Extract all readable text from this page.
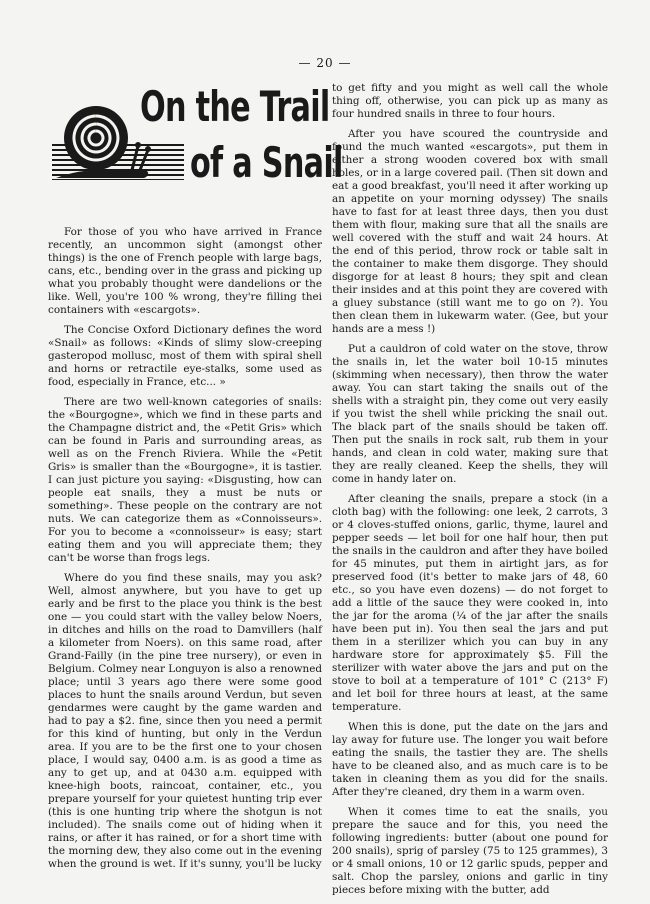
— 20 —
On the Trail
of a Snail

For those of you who have arrived in France recently, an uncommon sight (amongst other things) is the one of French people with large bags, cans, etc., bending over in the grass and picking up what you probably thought were dandelions or the like. Well, you're 100 % wrong, they're filling thei containers with «escargots».

The Concise Oxford Dictionary defines the word «Snail» as follows: «Kinds of slimy slow-creeping gasteropod mollusc, most of them with spiral shell and horns or retractile eye-stalks, some used as food, especially in France, etc... »

There are two well-known categories of snails: the «Bourgogne», which we find in these parts and the Champagne district and, the «Petit Gris» which can be found in Paris and surrounding areas, as well as on the French Riviera. While the «Petit Gris» is smaller than the «Bourgogne», it is tastier. I can just picture you saying: «Disgusting, how can people eat snails, they a must be nuts or something». These people on the contrary are not nuts. We can categorize them as «Connoisseurs». For you to become a «connoisseur» is easy; start eating them and you will appreciate them; they can't be worse than frogs legs.

Where do you find these snails, may you ask? Well, almost anywhere, but you have to get up early and be first to the place you think is the best one — you could start with the valley below Noers, in ditches and hills on the road to Damvillers (half a kilometer from Noers). on this same road, after Grand-Failly (in the pine tree nursery), or even in Belgium. Colmey near Longuyon is also a renowned place; until 3 years ago there were some good places to hunt the snails around Verdun, but seven gendarmes were caught by the game warden and had to pay a $2. fine, since then you need a permit for this kind of hunting, but only in the Verdun area. If you are to be the first one to your chosen place, I would say, 0400 a.m. is as good a time as any to get up, and at 0430 a.m. equipped with knee-high boots, raincoat, container, etc., you prepare yourself for your quietest hunting trip ever (this is one hunting trip where the shotgun is not included). The snails come out of hiding when it rains, or after it has rained, or for a short time with the morning dew, they also come out in the evening when the ground is wet. If it's sunny, you'll be lucky

to get fifty and you might as well call the whole thing off, otherwise, you can pick up as many as four hundred snails in three to four hours.

After you have scoured the countryside and found the much wanted «escargots», put them in either a strong wooden covered box with small holes, or in a large covered pail. (Then sit down and eat a good breakfast, you'll need it after working up an appetite on your morning odyssey) The snails have to fast for at least three days, then you dust them with flour, making sure that all the snails are well covered with the stuff and wait 24 hours. At the end of this period, throw rock or table salt in the container to make them disgorge. They should disgorge for at least 8 hours; they spit and clean their insides and at this point they are covered with a gluey substance (still want me to go on ?). You then clean them in lukewarm water. (Gee, but your hands are a mess !)

Put a cauldron of cold water on the stove, throw the snails in, let the water boil 10-15 minutes (skimming when necessary), then throw the water away. You can start taking the snails out of the shells with a straight pin, they come out very easily if you twist the shell while pricking the snail out. The black part of the snails should be taken off. Then put the snails in rock salt, rub them in your hands, and clean in cold water, making sure that they are really cleaned. Keep the shells, they will come in handy later on.

After cleaning the snails, prepare a stock (in a cloth bag) with the following: one leek, 2 carrots, 3 or 4 cloves-stuffed onions, garlic, thyme, laurel and pepper seeds — let boil for one half hour, then put the snails in the cauldron and after they have boiled for 45 minutes, put them in airtight jars, as for preserved food (it's better to make jars of 48, 60 etc., so you have even dozens) — do not forget to add a little of the sauce they were cooked in, into the jar for the aroma (¼ of the jar after the snails have been put in). You then seal the jars and put them in a sterilizer which you can buy in any hardware store for approximately $5. Fill the sterilizer with water above the jars and put on the stove to boil at a temperature of 101° C (213° F) and let boil for three hours at least, at the same temperature.

When this is done, put the date on the jars and lay away for future use. The longer you wait before eating the snails, the tastier they are. The shells have to be cleaned also, and as much care is to be taken in cleaning them as you did for the snails. After they're cleaned, dry them in a warm oven.

When it comes time to eat the snails, you prepare the sauce and for this, you need the following ingredients: butter (about one pound for 200 snails), sprig of parsley (75 to 125 grammes), 3 or 4 small onions, 10 or 12 garlic spuds, pepper and salt. Chop the parsley, onions and garlic in tiny pieces before mixing with the butter, add
